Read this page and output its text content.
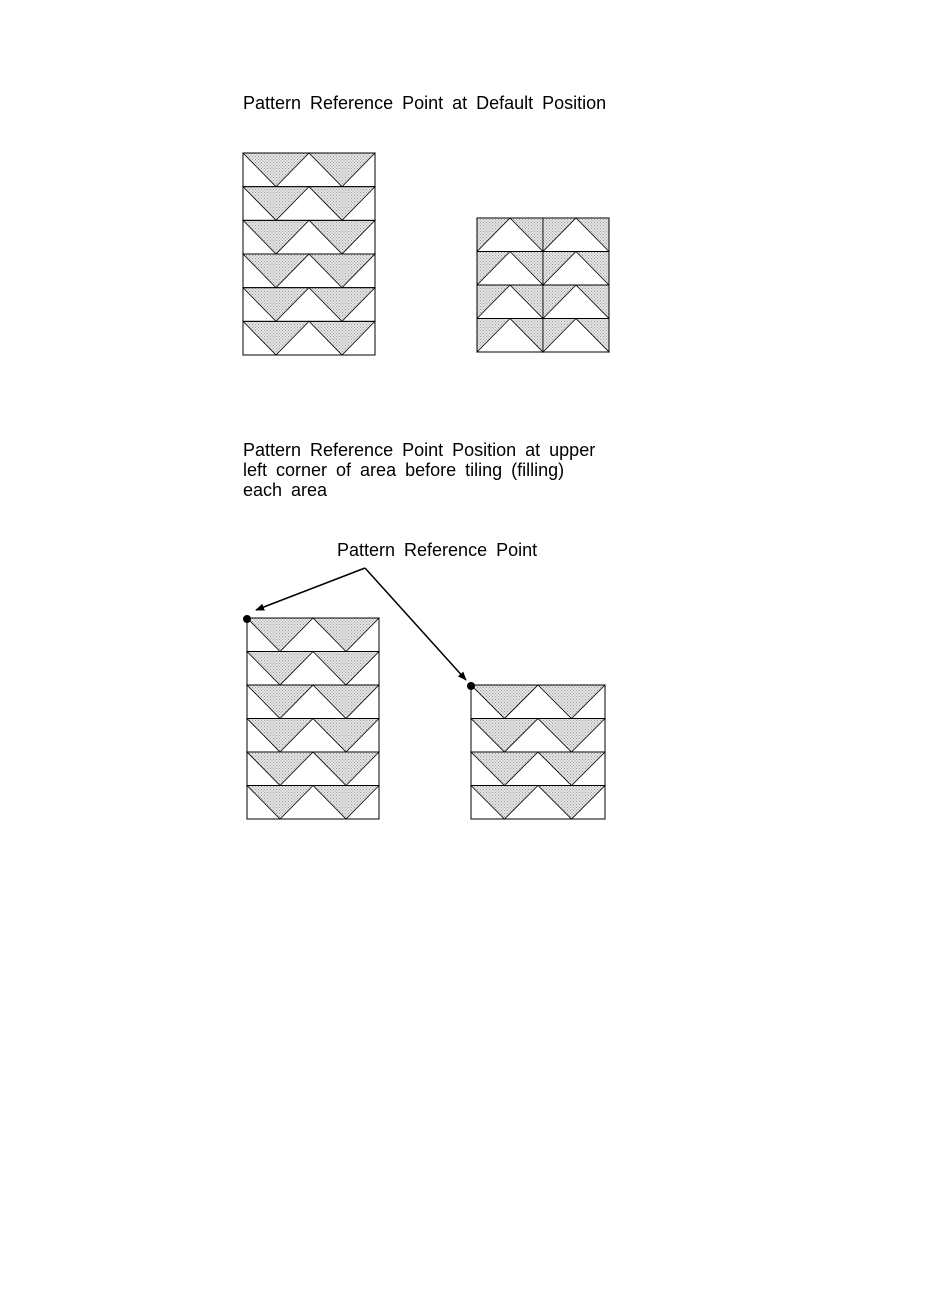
Pattern Reference Point at Default Position

Pattern Reference Point Position at upper
left corner of area before tiling (filling)
each area

Pattern Reference Point
